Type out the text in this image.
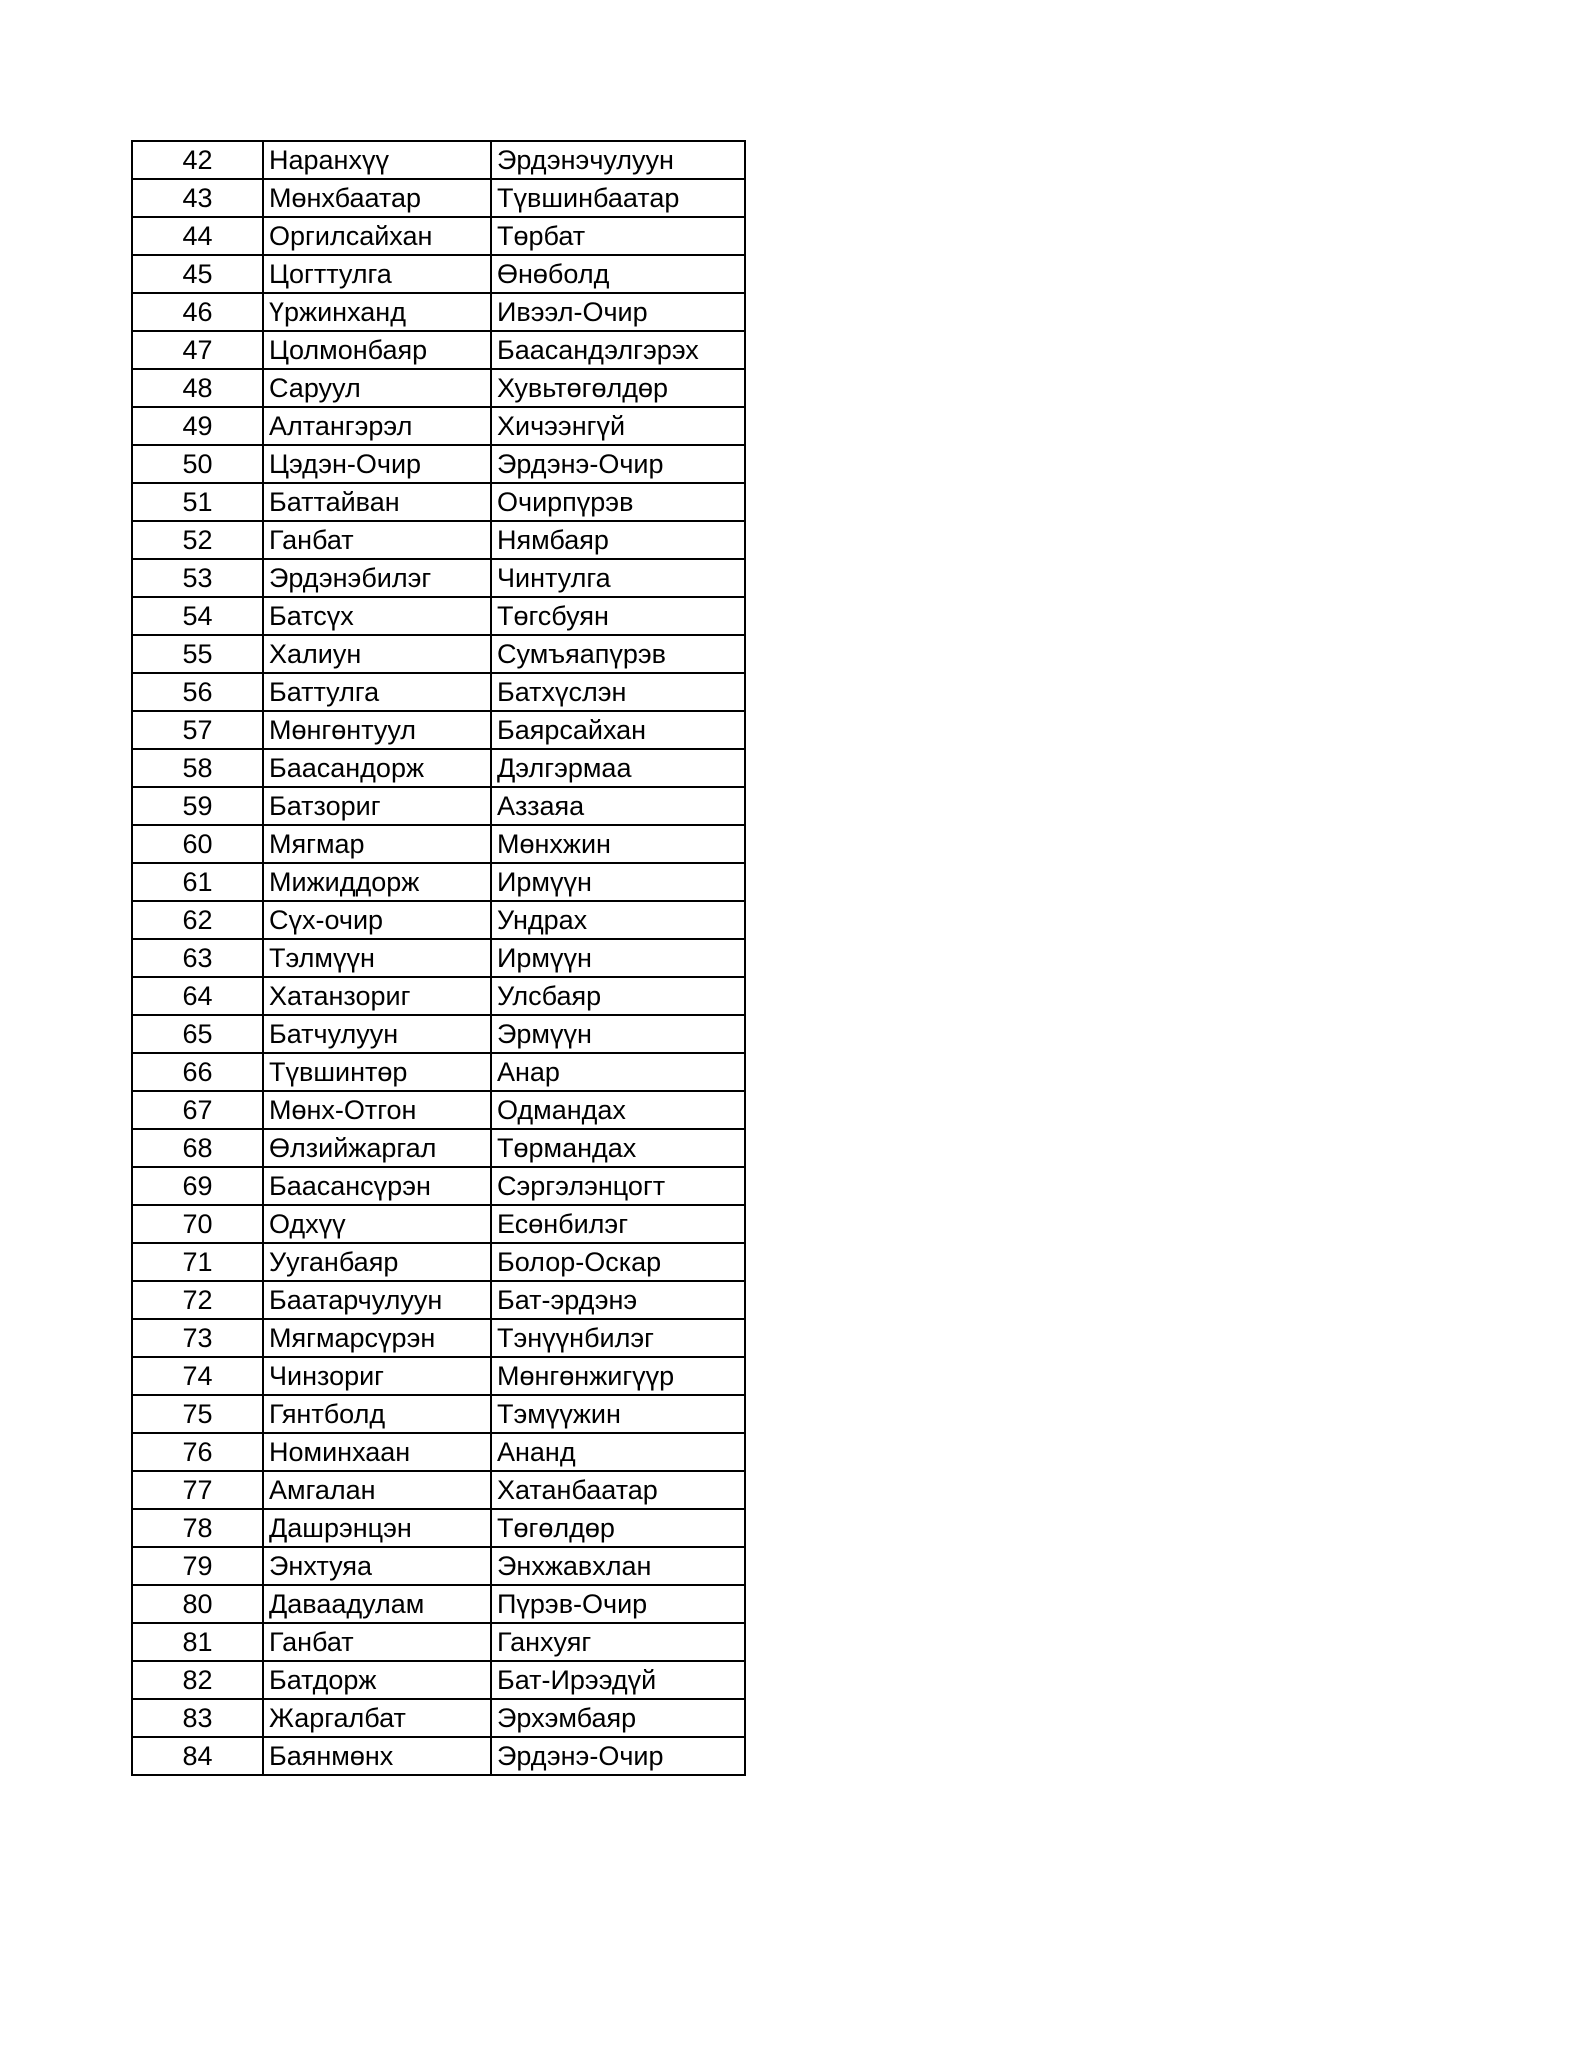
42	Наранхүү	Эрдэнэчулуун
43	Мөнхбаатар	Түвшинбаатар
44	Оргилсайхан	Төрбат
45	Цогттулга	Өнөболд
46	Үржинханд	Ивээл-Очир
47	Цолмонбаяр	Баасандэлгэрэх
48	Саруул	Хувьтөгөлдөр
49	Алтангэрэл	Хичээнгүй
50	Цэдэн-Очир	Эрдэнэ-Очир
51	Баттайван	Очирпүрэв
52	Ганбат	Нямбаяр
53	Эрдэнэбилэг	Чинтулга
54	Батсүх	Төгсбуян
55	Халиун	Сумъяапүрэв
56	Баттулга	Батхүслэн
57	Мөнгөнтуул	Баярсайхан
58	Баасандорж	Дэлгэрмаа
59	Батзориг	Аззаяа
60	Мягмар	Мөнхжин
61	Мижиддорж	Ирмүүн
62	Сүх-очир	Ундрах
63	Тэлмүүн	Ирмүүн
64	Хатанзориг	Улсбаяр
65	Батчулуун	Эрмүүн
66	Түвшинтөр	Анар
67	Мөнх-Отгон	Одмандах
68	Өлзийжаргал	Төрмандах
69	Баасансүрэн	Сэргэлэнцогт
70	Одхүү	Есөнбилэг
71	Ууганбаяр	Болор-Оскар
72	Баатарчулуун	Бат-эрдэнэ
73	Мягмарсүрэн	Тэнүүнбилэг
74	Чинзориг	Мөнгөнжигүүр
75	Гянтболд	Тэмүүжин
76	Номинхаан	Ананд
77	Амгалан	Хатанбаатар
78	Дашрэнцэн	Төгөлдөр
79	Энхтуяа	Энхжавхлан
80	Даваадулам	Пүрэв-Очир
81	Ганбат	Ганхуяг
82	Батдорж	Бат-Ирээдүй
83	Жаргалбат	Эрхэмбаяр
84	Баянмөнх	Эрдэнэ-Очир
